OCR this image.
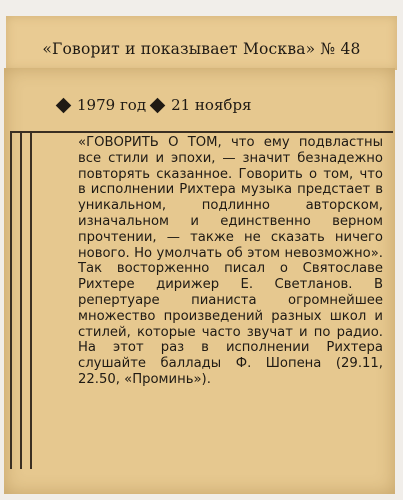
«Говорит и показывает Москва» № 48
1979 год 21 ноября

«ГОВОРИТЬ О ТОМ, что ему подвластны все стили и эпохи, — значит безнадежно повторять сказанное. Говорить о том, что в исполнении Рихтера музыка предстает в уникальном, подлинно авторском, изначальном и единственно верном прочтении, — также не сказать ничего нового. Но умолчать об этом невозможно». Так восторженно писал о Святославе Рихтере дирижер Е. Светланов. В репертуаре пианиста огромнейшее множество произведений разных школ и стилей, которые часто звучат и по радио. На этот раз в исполнении Рихтера слушайте баллады Ф. Шопена (29.11, 22.50, «Проминь»).
